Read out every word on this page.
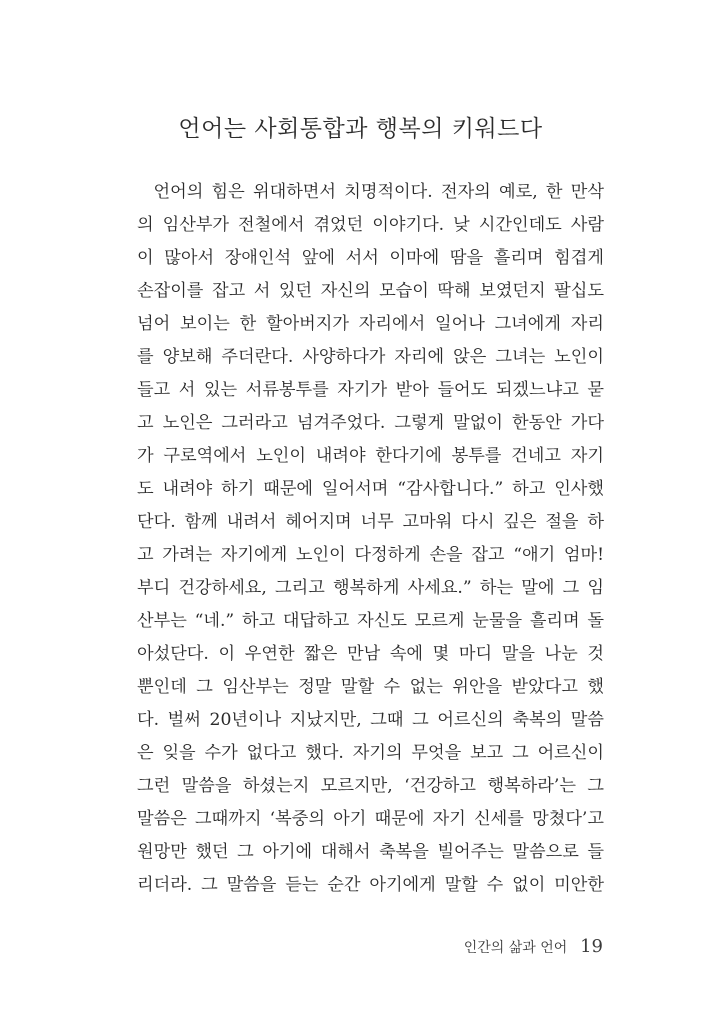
언어는 사회통합과 행복의 키워드다
언어의 힘은 위대하면서 치명적이다. 전자의 예로, 한 만삭
의 임산부가 전철에서 겪었던 이야기다. 낮 시간인데도 사람
이 많아서 장애인석 앞에 서서 이마에 땀을 흘리며 힘겹게
손잡이를 잡고 서 있던 자신의 모습이 딱해 보였던지 팔십도
넘어 보이는 한 할아버지가 자리에서 일어나 그녀에게 자리
를 양보해 주더란다. 사양하다가 자리에 앉은 그녀는 노인이
들고 서 있는 서류봉투를 자기가 받아 들어도 되겠느냐고 묻
고 노인은 그러라고 넘겨주었다. 그렇게 말없이 한동안 가다
가 구로역에서 노인이 내려야 한다기에 봉투를 건네고 자기
도 내려야 하기 때문에 일어서며 “감사합니다.” 하고 인사했
단다. 함께 내려서 헤어지며 너무 고마워 다시 깊은 절을 하
고 가려는 자기에게 노인이 다정하게 손을 잡고 “애기 엄마!
부디 건강하세요, 그리고 행복하게 사세요.” 하는 말에 그 임
산부는 “네.” 하고 대답하고 자신도 모르게 눈물을 흘리며 돌
아섰단다. 이 우연한 짧은 만남 속에 몇 마디 말을 나눈 것
뿐인데 그 임산부는 정말 말할 수 없는 위안을 받았다고 했
다. 벌써 20년이나 지났지만, 그때 그 어르신의 축복의 말씀
은 잊을 수가 없다고 했다. 자기의 무엇을 보고 그 어르신이
그런 말씀을 하셨는지 모르지만, ‘건강하고 행복하라’는 그
말씀은 그때까지 ‘복중의 아기 때문에 자기 신세를 망쳤다’고
원망만 했던 그 아기에 대해서 축복을 빌어주는 말씀으로 들
리더라. 그 말씀을 듣는 순간 아기에게 말할 수 없이 미안한
인간의 삶과 언어 19
